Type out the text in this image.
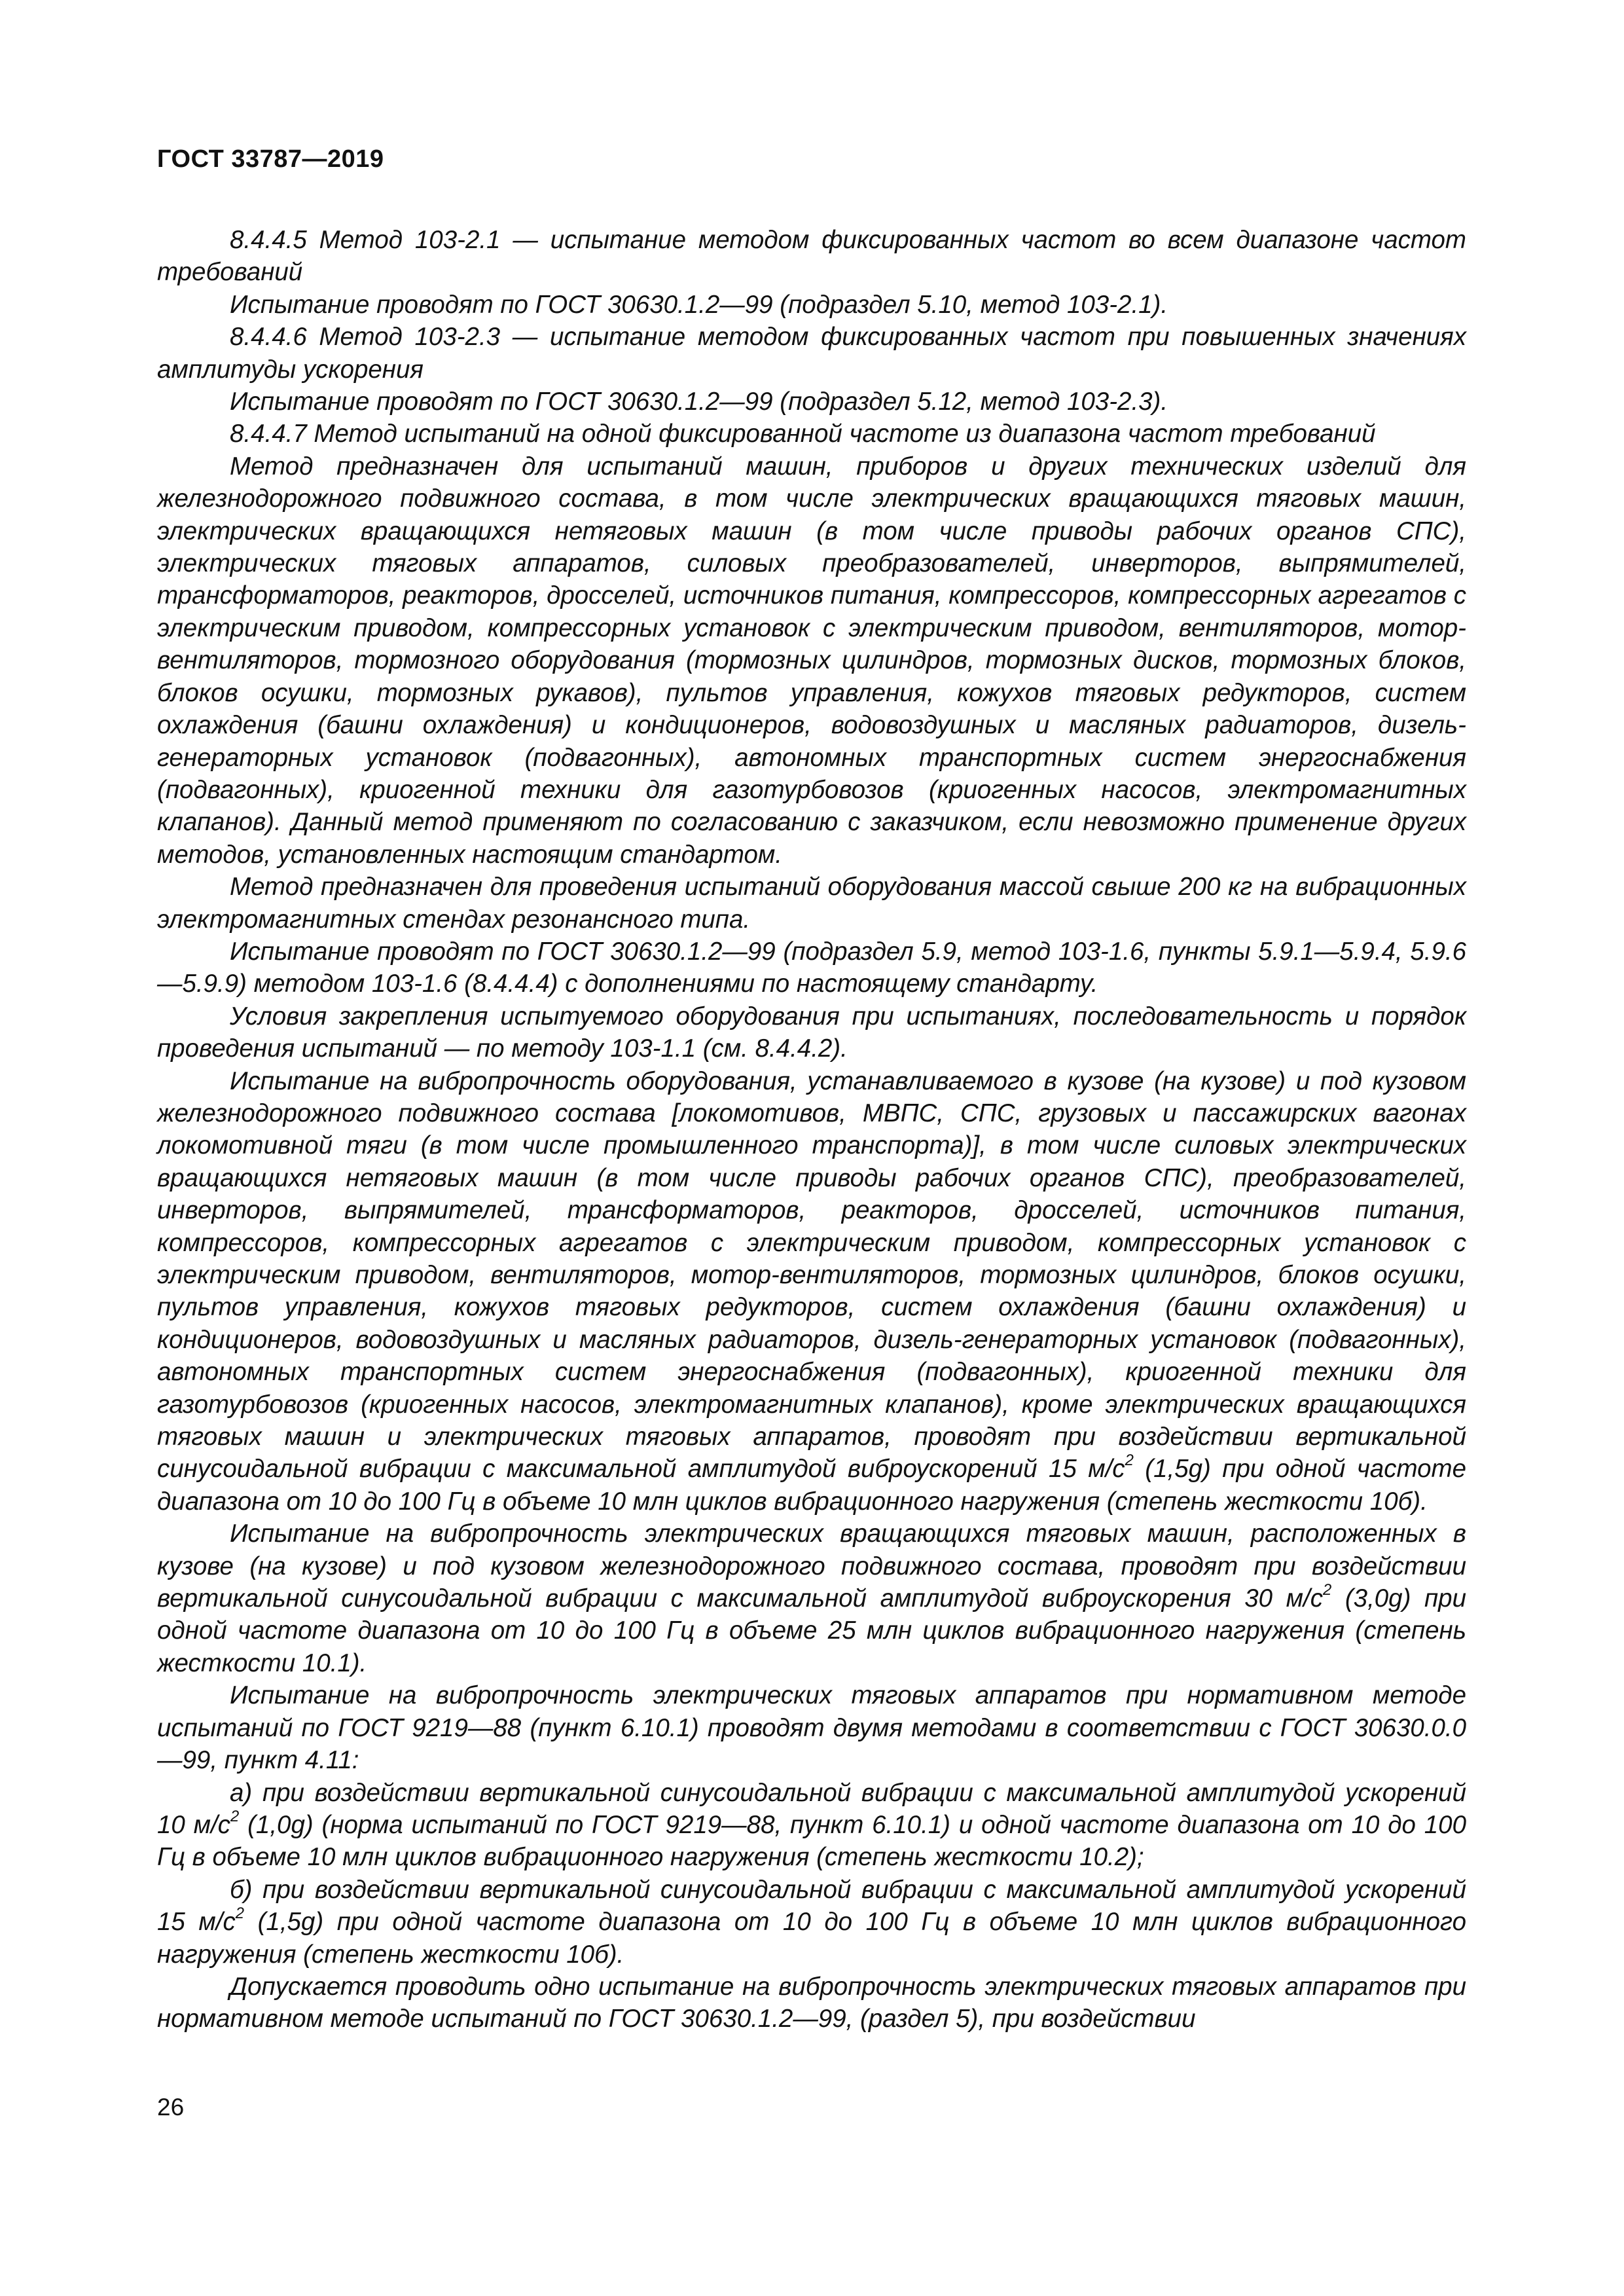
ГОСТ 33787—2019

8.4.4.5 Метод 103-2.1 — испытание методом фиксированных частот во всем диапазоне частот требований

Испытание проводят по ГОСТ 30630.1.2—99 (подраздел 5.10, метод 103-2.1).

8.4.4.6 Метод 103-2.3 — испытание методом фиксированных частот при повышенных значениях амплитуды ускорения

Испытание проводят по ГОСТ 30630.1.2—99 (подраздел 5.12, метод 103-2.3).

8.4.4.7 Метод испытаний на одной фиксированной частоте из диапазона частот требований

Метод предназначен для испытаний машин, приборов и других технических изделий для железнодорожного подвижного состава, в том числе электрических вращающихся тяговых машин, электрических вращающихся нетяговых машин (в том числе приводы рабочих органов СПС), электрических тяговых аппаратов, силовых преобразователей, инверторов, выпрямителей, трансформаторов, реакторов, дросселей, источников питания, компрессоров, компрессорных агрегатов с электрическим приводом, компрессорных установок с электрическим приводом, вентиляторов, мотор-вентиляторов, тормозного оборудования (тормозных цилиндров, тормозных дисков, тормозных блоков, блоков осушки, тормозных рукавов), пультов управления, кожухов тяговых редукторов, систем охлаждения (башни охлаждения) и кондиционеров, водовоздушных и масляных радиаторов, дизель-генераторных установок (подвагонных), автономных транспортных систем энергоснабжения (подвагонных), криогенной техники для газотурбовозов (криогенных насосов, электромагнитных клапанов). Данный метод применяют по согласованию с заказчиком, если невозможно применение других методов, установленных настоящим стандартом.

Метод предназначен для проведения испытаний оборудования массой свыше 200 кг на вибрационных электромагнитных стендах резонансного типа.

Испытание проводят по ГОСТ 30630.1.2—99 (подраздел 5.9, метод 103-1.6, пункты 5.9.1—5.9.4, 5.9.6—5.9.9) методом 103-1.6 (8.4.4.4) с дополнениями по настоящему стандарту.

Условия закрепления испытуемого оборудования при испытаниях, последовательность и порядок проведения испытаний — по методу 103-1.1 (см. 8.4.4.2).

Испытание на вибропрочность оборудования, устанавливаемого в кузове (на кузове) и под кузовом железнодорожного подвижного состава [локомотивов, МВПС, СПС, грузовых и пассажирских вагонах локомотивной тяги (в том числе промышленного транспорта)], в том числе силовых электрических вращающихся нетяговых машин (в том числе приводы рабочих органов СПС), преобразователей, инверторов, выпрямителей, трансформаторов, реакторов, дросселей, источников питания, компрессоров, компрессорных агрегатов с электрическим приводом, компрессорных установок с электрическим приводом, вентиляторов, мотор-вентиляторов, тормозных цилиндров, блоков осушки, пультов управления, кожухов тяговых редукторов, систем охлаждения (башни охлаждения) и кондиционеров, водовоздушных и масляных радиаторов, дизель-генераторных установок (подвагонных), автономных транспортных систем энергоснабжения (подвагонных), криогенной техники для газотурбовозов (криогенных насосов, электромагнитных клапанов), кроме электрических вращающихся тяговых машин и электрических тяговых аппаратов, проводят при воздействии вертикальной синусоидальной вибрации с максимальной амплитудой виброускорений 15 $м/с^2$ (1,5g) при одной частоте диапазона от 10 до 100 Гц в объеме 10 млн циклов вибрационного нагружения (степень жесткости 10б).

Испытание на вибропрочность электрических вращающихся тяговых машин, расположенных в кузове (на кузове) и под кузовом железнодорожного подвижного состава, проводят при воздействии вертикальной синусоидальной вибрации с максимальной амплитудой виброускорения 30 $м/с^2$ (3,0g) при одной частоте диапазона от 10 до 100 Гц в объеме 25 млн циклов вибрационного нагружения (степень жесткости 10.1).

Испытание на вибропрочность электрических тяговых аппаратов при нормативном методе испытаний по ГОСТ 9219—88 (пункт 6.10.1) проводят двумя методами в соответствии с ГОСТ 30630.0.0—99, пункт 4.11:

а) при воздействии вертикальной синусоидальной вибрации с максимальной амплитудой ускорений 10 $м/с^2$ (1,0g) (норма испытаний по ГОСТ 9219—88, пункт 6.10.1) и одной частоте диапазона от 10 до 100 Гц в объеме 10 млн циклов вибрационного нагружения (степень жесткости 10.2);

б) при воздействии вертикальной синусоидальной вибрации с максимальной амплитудой ускорений 15 $м/с^2$ (1,5g) при одной частоте диапазона от 10 до 100 Гц в объеме 10 млн циклов вибрационного нагружения (степень жесткости 10б).

Допускается проводить одно испытание на вибропрочность электрических тяговых аппаратов при нормативном методе испытаний по ГОСТ 30630.1.2—99, (раздел 5), при воздействии

26
